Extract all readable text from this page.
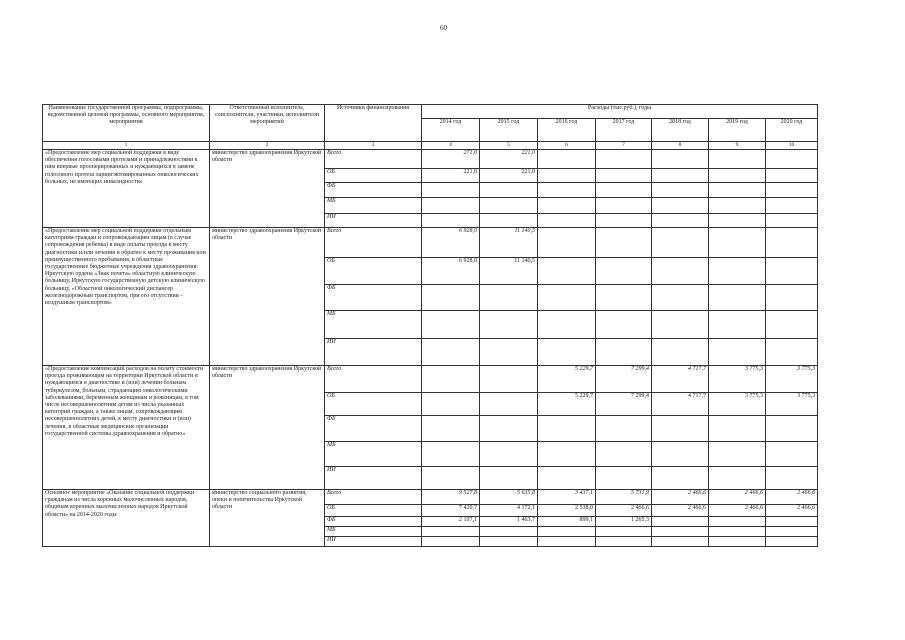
60
Наименование государственной программы, подпрограммы, ведомственной целевой программы, основного мероприятия, мероприятия	Ответственный исполнитель, соисполнители, участники, исполнители мероприятий	Источники финансирования	Расходы (тыс.руб.), годы						
			2014 год	2015 год	2016 год	2017 год	2018 год	2019 год	2020 год
1	2	3	4	5	6	7	8	9	10
«Предоставление мер социальной поддержки в виде обеспечения голосовыми протезами и принадлежностями к ним впервые прооперированных и нуждающихся в замене голосового протеза ларингэктомированных онкологических больных, не имеющих инвалидности»	министерство здравоохранения Иркутской области	Всего	271,0	221,0					
		ОБ	221,0	221,0					
		ФБ							
		МБ							
		ИИ							
«Предоставление мер социальной поддержки отдельным категориям граждан и сопровождающим лицам (в случае сопровождения ребенка) в виде оплаты проезда к месту диагностики и/или лечения и обратно к месту проживания или преимущественного пребывания, в областные государственные бюджетные учреждения здравоохранения: Иркутскую ордена «Знак почета» областную клиническую больницу, Иркутскую государственную детскую клиническую больницу, «Областной онкологический диспансер железнодорожным транспортом, при его отсутствии - воздушным транспортом»	министерство здравоохранения Иркутской области	Всего	6 928,0	11 140,5					
		ОБ	6 928,0	11 140,5					
		ФБ							
		МБ							
		ИИ							
«Предоставление компенсаций расходов на оплату стоимости проезда проживающим на территории Иркутской области и нуждающимся в диагностике и (или) лечении больным туберкулезом, больным, страдающим онкологическими заболеваниями, беременным женщинам и роженицам, в том числе несовершеннолетним детям из числа указанных категорий граждан, а также лицам, сопровождающим несовершеннолетних детей, к месту диагностики и (или) лечения, в областные медицинские организации государственной системы здравоохранения и обратно»	министерство здравоохранения Иркутской области	Всего			5 229,7	7 299,4	4 717,7	3 775,3	3 775,3
		ОБ			5 229,7	7 299,4	4 717,7	3 775,3	3 775,3
		ФБ							
		МБ							
		ИИ							
Основное мероприятие «Оказание социальной поддержки гражданам из числа коренных малочисленных народов, общинам коренных малочисленных народов Иркутской области» на 2014-2020 годы	министерство социального развития, опеки и попечительства Иркутской области	Всего	9 527,8	5 635,8	3 437,1	5 731,9	2 466,6	2 466,6	2 466,6
		ОБ	7 420,7	4 172,1	2 538,0	2 466,6	2 466,6	2 466,6	2 466,6
		ФБ	2 107,1	1 463,7	899,1	1 265,3			
		МБ							
		ИИ							
